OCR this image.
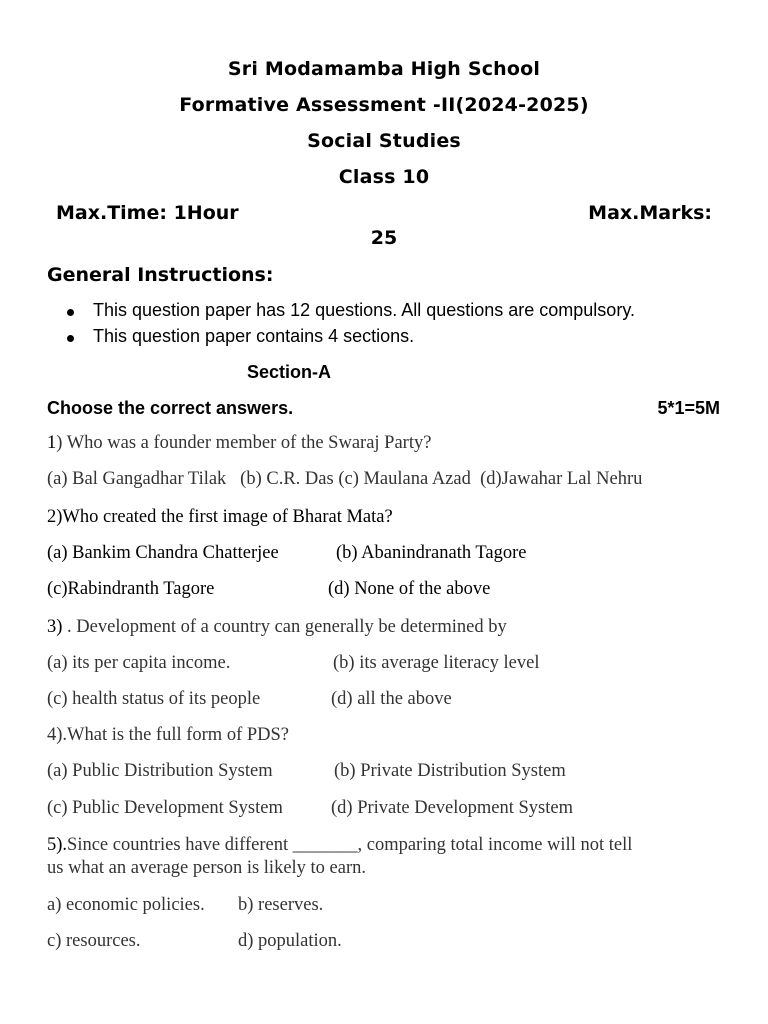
Sri Modamamba High School
Formative Assessment -II(2024-2025)
Social Studies
Class 10
Max.Time: 1Hour	Max.Marks:
25
General Instructions:
This question paper has 12 questions. All questions are compulsory.
This question paper contains 4 sections.
Section-A
Choose the correct answers.	5*1=5M
1) Who was a founder member of the Swaraj Party?
(a) Bal Gangadhar Tilak   (b) C.R. Das (c) Maulana Azad  (d)Jawahar Lal Nehru
2)Who created the first image of Bharat Mata?
(a) Bankim Chandra Chatterjee	(b) Abanindranath Tagore
(c)Rabindranth Tagore	(d) None of the above
3) . Development of a country can generally be determined by
(a) its per capita income.	(b) its average literacy level
(c) health status of its people	(d) all the above
4).What is the full form of PDS?
(a) Public Distribution System	(b) Private Distribution System
(c) Public Development System	(d) Private Development System
5).Since countries have different _______, comparing total income will not tell
us what an average person is likely to earn.
a) economic policies. b) reserves.
c) resources.	d) population.
